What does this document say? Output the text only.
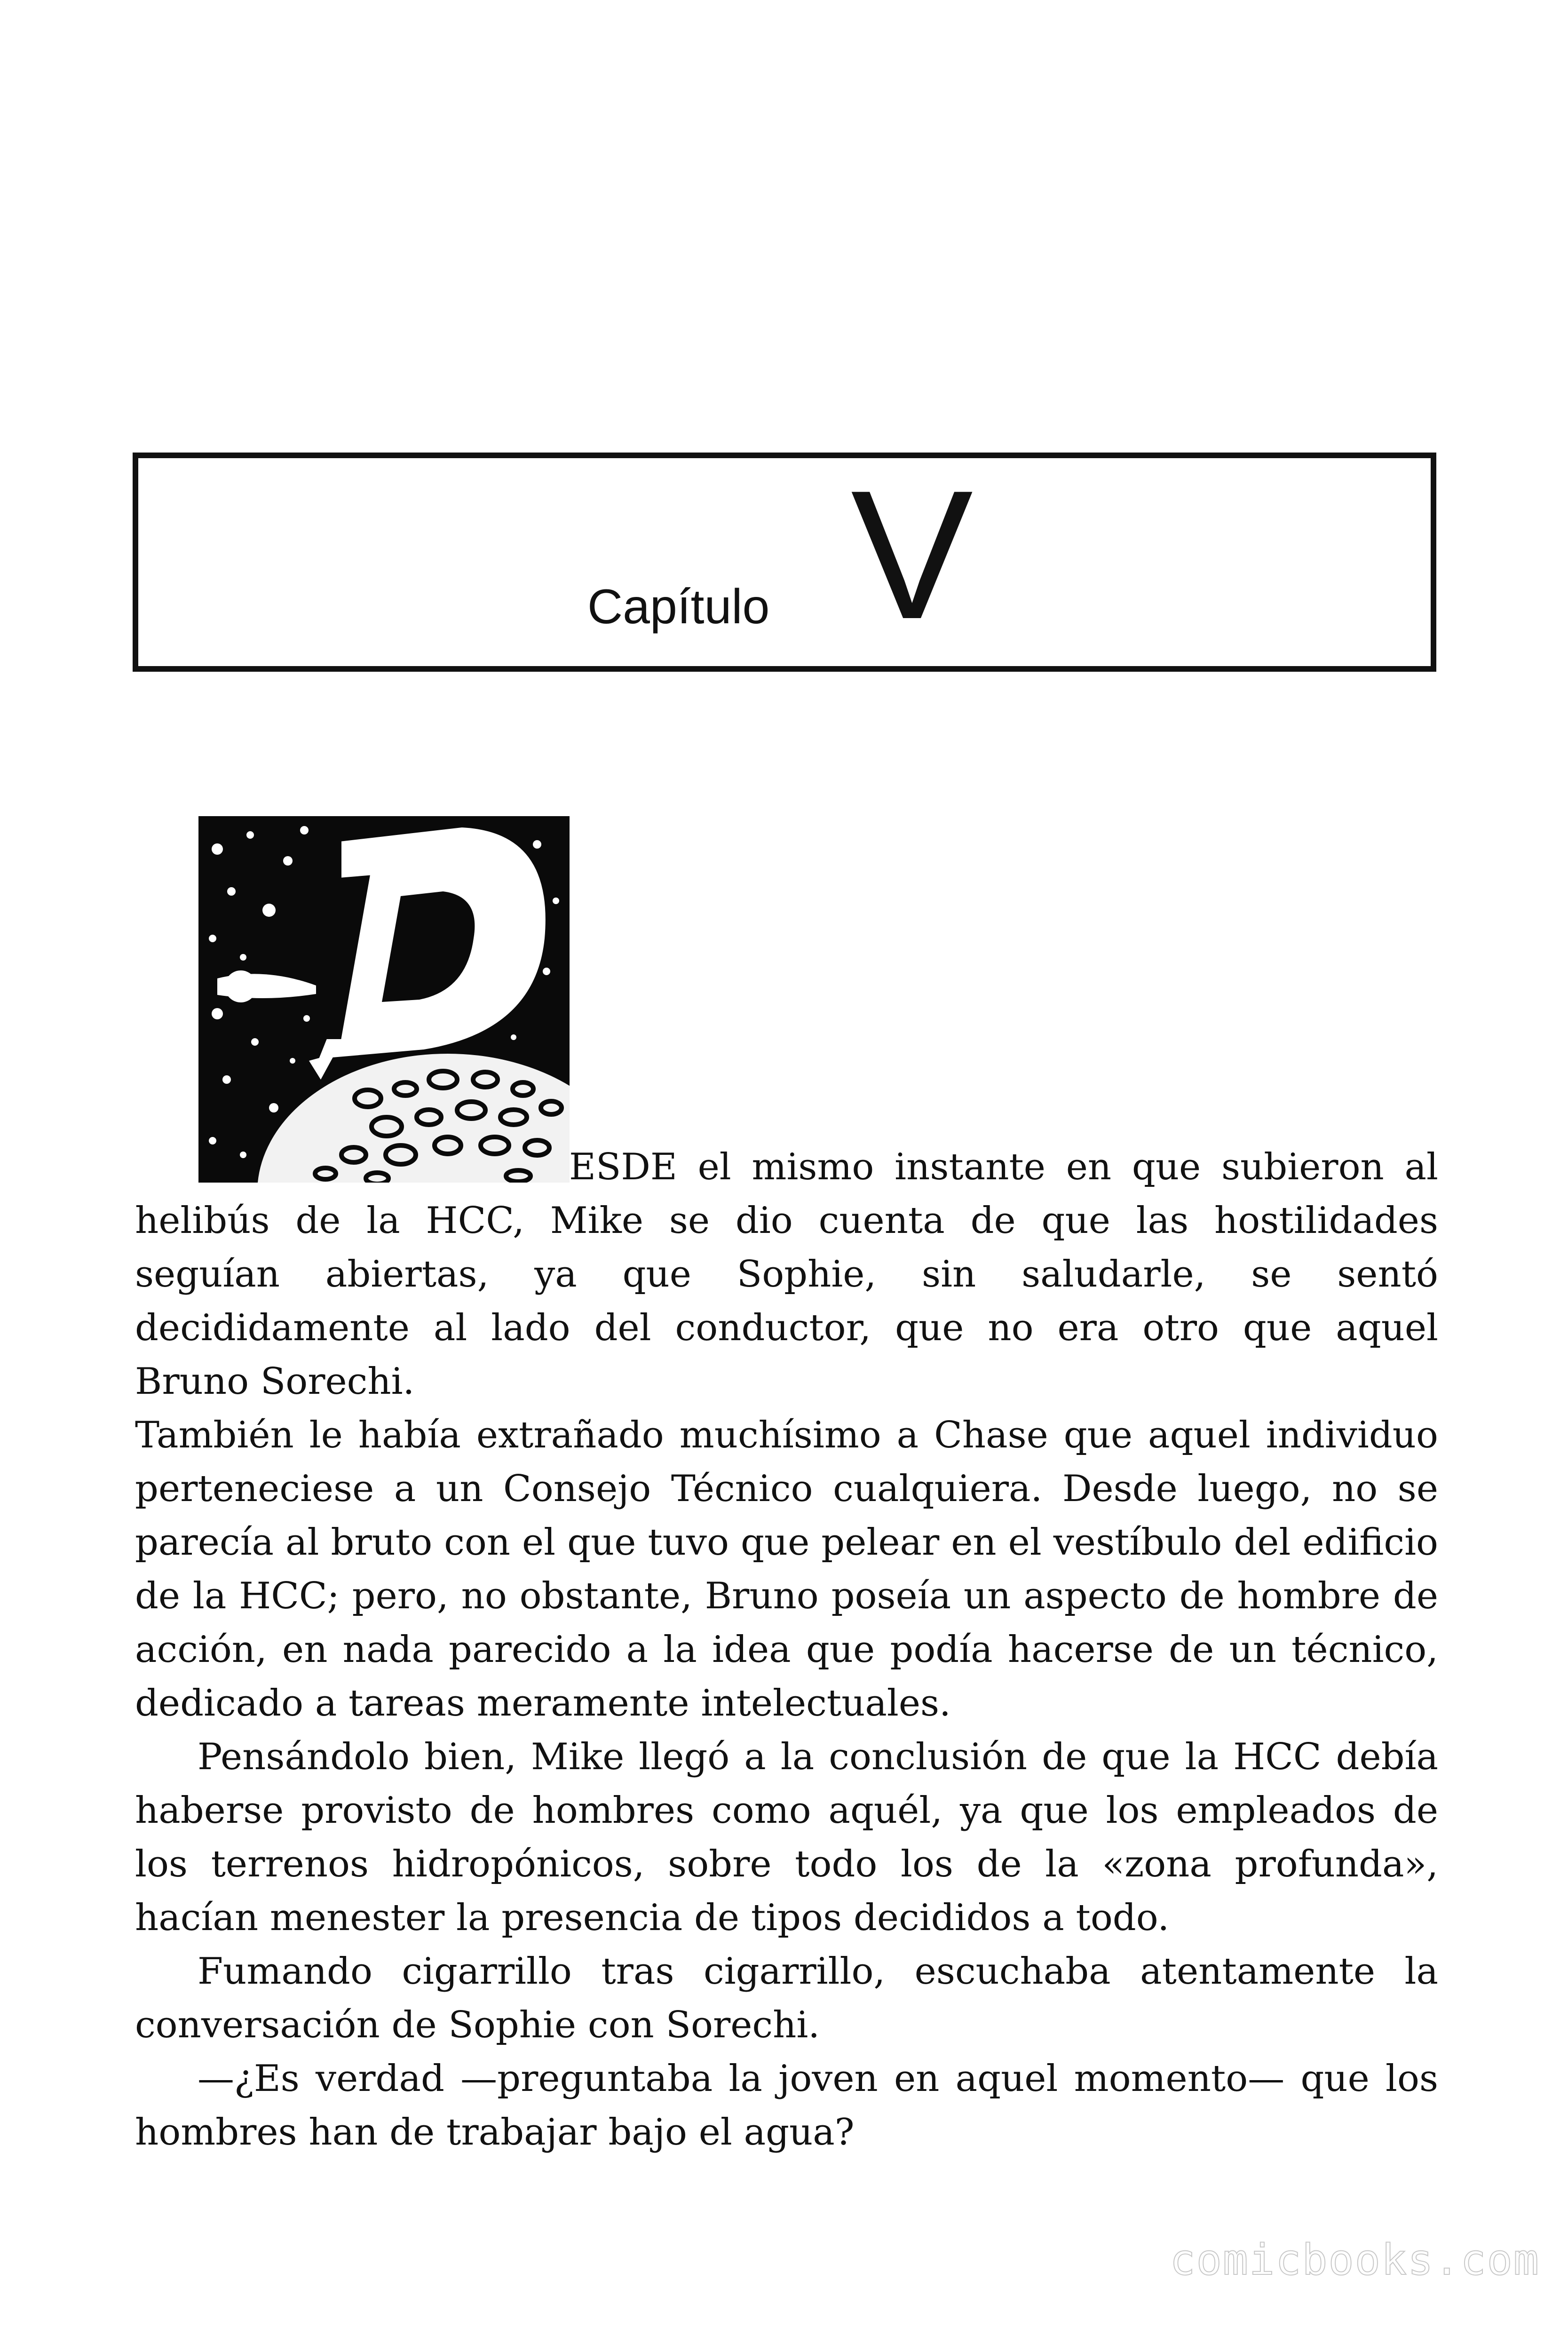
Capítulo V

ESDE el mismo instante en que subieron al helibús de la HCC, Mike se dio cuenta de que las hostilidades seguían abiertas, ya que Sophie, sin saludarle, se sentó decididamente al lado del conductor, que no era otro que aquel Bruno Sorechi.

También le había extrañado muchísimo a Chase que aquel individuo perteneciese a un Consejo Técnico cualquiera. Desde luego, no se parecía al bruto con el que tuvo que pelear en el vestíbulo del edificio de la HCC; pero, no obstante, Bruno poseía un aspecto de hombre de acción, en nada parecido a la idea que podía hacerse de un técnico, dedicado a tareas meramente intelectuales.

Pensándolo bien, Mike llegó a la conclusión de que la HCC debía haberse provisto de hombres como aquél, ya que los empleados de los terrenos hidropónicos, sobre todo los de la «zona profunda», hacían menester la presencia de tipos decididos a todo.

Fumando cigarrillo tras cigarrillo, escuchaba atentamente la conversación de Sophie con Sorechi.

—¿Es verdad —preguntaba la joven en aquel momento— que los hombres han de trabajar bajo el agua?

comicbooks.com
